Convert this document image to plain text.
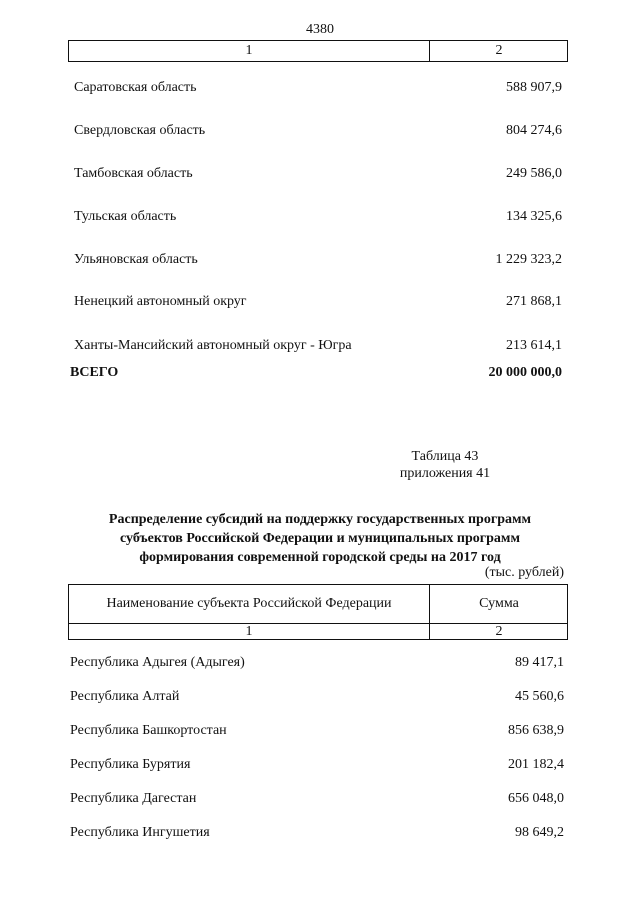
4380
1	2
Саратовская область	588 907,9
Свердловская область	804 274,6
Тамбовская область	249 586,0
Тульская область	134 325,6
Ульяновская область	1 229 323,2
Ненецкий автономный округ	271 868,1
Ханты-Мансийский автономный округ - Югра	213 614,1
ВСЕГО	20 000 000,0
Таблица 43
приложения 41
Распределение субсидий на поддержку государственных программ
субъектов Российской Федерации и муниципальных программ
формирования современной городской среды на 2017 год
(тыс. рублей)
Наименование субъекта Российской Федерации	Сумма
1	2
Республика Адыгея (Адыгея)	89 417,1
Республика Алтай	45 560,6
Республика Башкортостан	856 638,9
Республика Бурятия	201 182,4
Республика Дагестан	656 048,0
Республика Ингушетия	98 649,2
